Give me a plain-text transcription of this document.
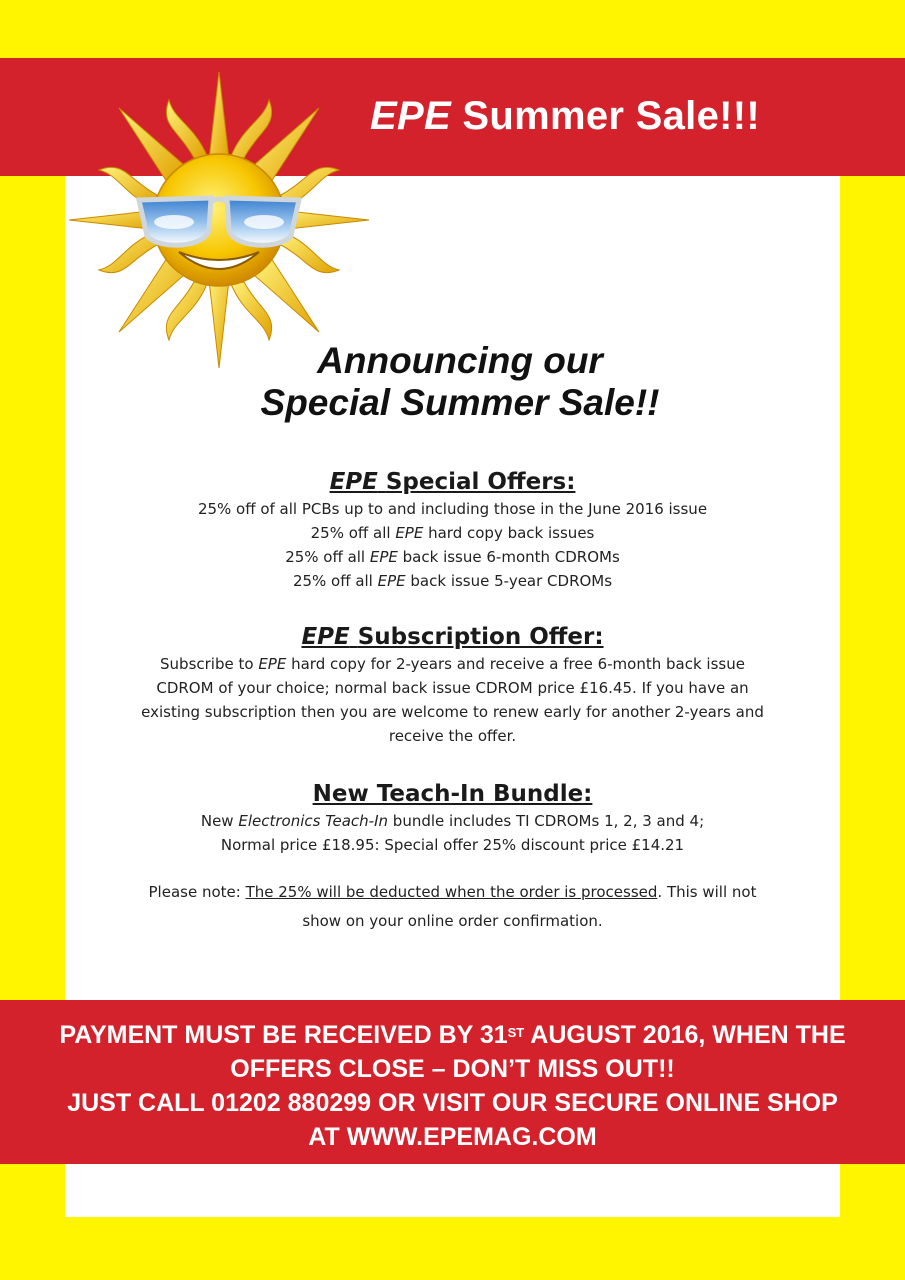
EPE Summer Sale!!!
Announcing our
Special Summer Sale!!
EPE Special Offers:
25% off of all PCBs up to and including those in the June 2016 issue
25% off all EPE hard copy back issues
25% off all EPE back issue 6-month CDROMs
25% off all EPE back issue 5-year CDROMs
EPE Subscription Offer:
Subscribe to EPE hard copy for 2-years and receive a free 6-month back issue
CDROM of your choice; normal back issue CDROM price £16.45. If you have an
existing subscription then you are welcome to renew early for another 2-years and
receive the offer.
New Teach-In Bundle:
New Electronics Teach-In bundle includes TI CDROMs 1, 2, 3 and 4;
Normal price £18.95: Special offer 25% discount price £14.21
Please note: The 25% will be deducted when the order is processed. This will not
show on your online order confirmation.
PAYMENT MUST BE RECEIVED BY 31ST AUGUST 2016, WHEN THE
OFFERS CLOSE – DON’T MISS OUT!!
JUST CALL 01202 880299 OR VISIT OUR SECURE ONLINE SHOP
AT WWW.EPEMAG.COM
